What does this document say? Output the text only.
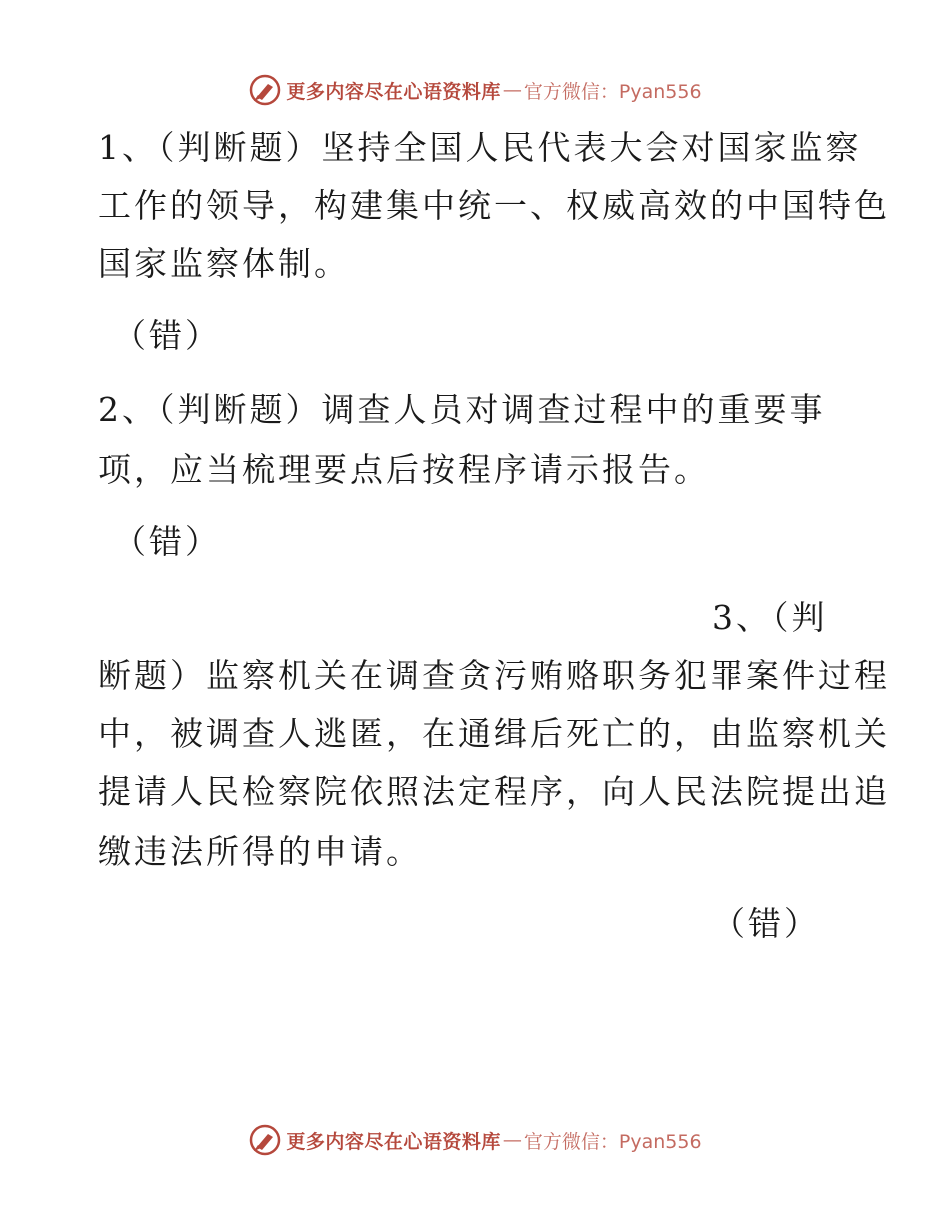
更多内容尽在心语资料库 — 官方微信：Pyan556
1、（判断题）坚持全国人民代表大会对国家监察
工作的领导，构建集中统一、权威高效的中国特色
国家监察体制。
（错）
2、（判断题）调查人员对调查过程中的重要事
项，应当梳理要点后按程序请示报告。
（错）
3、（判
断题）监察机关在调查贪污贿赂职务犯罪案件过程
中，被调查人逃匿，在通缉后死亡的，由监察机关
提请人民检察院依照法定程序，向人民法院提出追
缴违法所得的申请。
（错）
更多内容尽在心语资料库 — 官方微信：Pyan556
